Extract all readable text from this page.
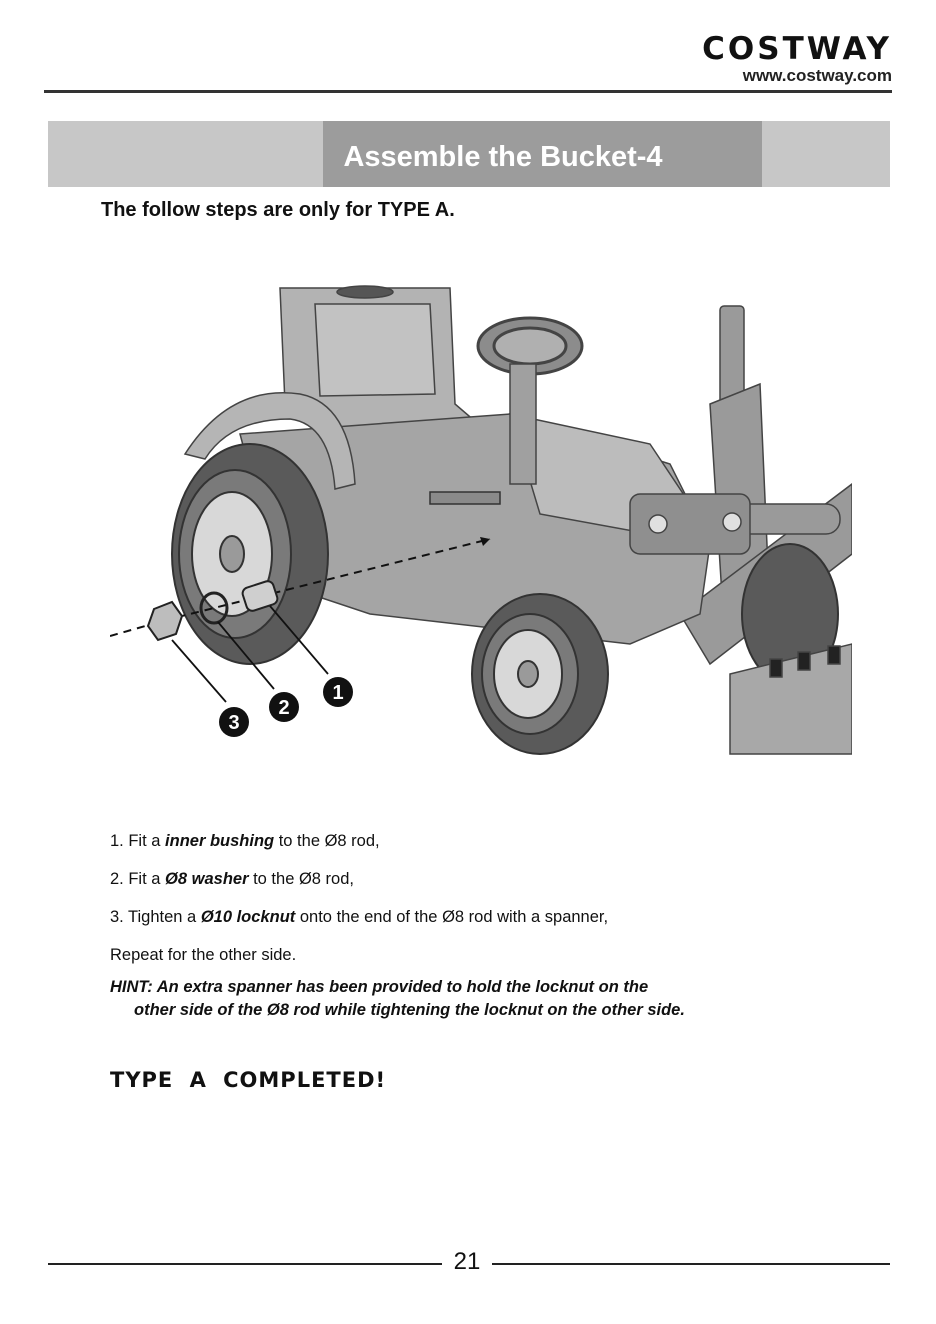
COSTWAY
www.costway.com
Assemble the Bucket-4
The follow steps are only for TYPE A.
1
2
3
1. Fit a inner bushing to the Ø8 rod,
2. Fit a Ø8 washer to the Ø8 rod,
3. Tighten a Ø10 locknut onto the end of the Ø8 rod with a spanner,
Repeat for the other side.
HINT: An extra spanner has been provided to hold the locknut on the
other side of the Ø8 rod while tightening the locknut on the other side.
TYPE A COMPLETED!
21
